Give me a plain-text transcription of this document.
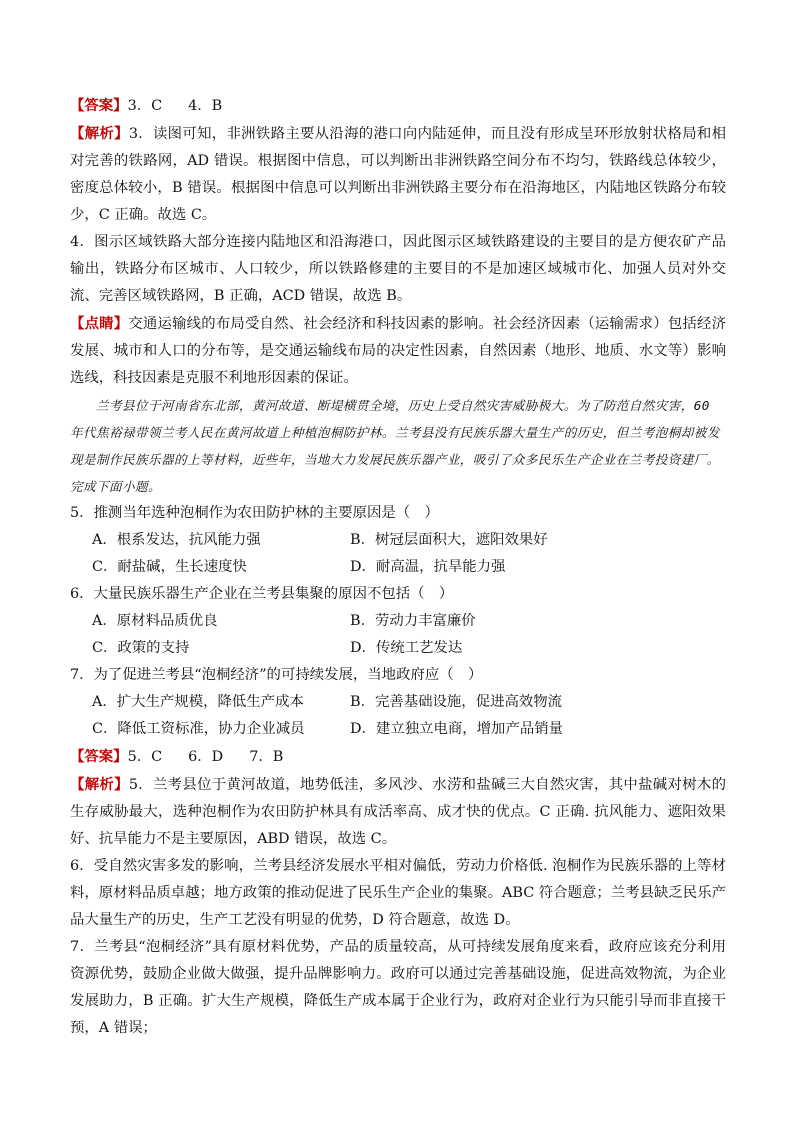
【答案】3．C 4．B

【解析】3．读图可知，非洲铁路主要从沿海的港口向内陆延伸，而且没有形成呈环形放射状格局和相对完善的铁路网，AD 错误。根据图中信息，可以判断出非洲铁路空间分布不均匀，铁路线总体较少，密度总体较小，B 错误。根据图中信息可以判断出非洲铁路主要分布在沿海地区，内陆地区铁路分布较少，C 正确。故选 C。

4．图示区域铁路大部分连接内陆地区和沿海港口，因此图示区域铁路建设的主要目的是方便农矿产品输出，铁路分布区城市、人口较少，所以铁路修建的主要目的不是加速区域城市化、加强人员对外交流、完善区域铁路网，B 正确，ACD 错误，故选 B。

【点睛】交通运输线的布局受自然、社会经济和科技因素的影响。社会经济因素（运输需求）包括经济发展、城市和人口的分布等，是交通运输线布局的决定性因素，自然因素（地形、地质、水文等）影响选线，科技因素是克服不利地形因素的保证。

兰考县位于河南省东北部，黄河故道、断堤横贯全境，历史上受自然灾害威胁极大。为了防范自然灾害，60 年代焦裕禄带领兰考人民在黄河故道上种植泡桐防护林。兰考县没有民族乐器大量生产的历史，但兰考泡桐却被发现是制作民族乐器的上等材料，近些年，当地大力发展民族乐器产业，吸引了众多民乐生产企业在兰考投资建厂。完成下面小题。

5．推测当年选种泡桐作为农田防护林的主要原因是（　）

A．根系发达，抗风能力强	B．树冠层面积大，遮阳效果好
C．耐盐碱，生长速度快	D．耐高温，抗旱能力强

6．大量民族乐器生产企业在兰考县集聚的原因不包括（　）

A．原材料品质优良	B．劳动力丰富廉价
C．政策的支持	D．传统工艺发达

7．为了促进兰考县“泡桐经济”的可持续发展，当地政府应（　）

A．扩大生产规模，降低生产成本	B．完善基础设施，促进高效物流
C．降低工资标准，协力企业减员	D．建立独立电商，增加产品销量

【答案】5．C 6．D 7．B

【解析】5．兰考县位于黄河故道，地势低洼，多风沙、水涝和盐碱三大自然灾害，其中盐碱对树木的生存威胁最大，选种泡桐作为农田防护林具有成活率高、成才快的优点。C 正确. 抗风能力、遮阳效果好、抗旱能力不是主要原因，ABD 错误，故选 C。

6．受自然灾害多发的影响，兰考县经济发展水平相对偏低，劳动力价格低. 泡桐作为民族乐器的上等材料，原材料品质卓越；地方政策的推动促进了民乐生产企业的集聚。ABC 符合题意；兰考县缺乏民乐产品大量生产的历史，生产工艺没有明显的优势，D 符合题意，故选 D。

7．兰考县“泡桐经济”具有原材料优势，产品的质量较高，从可持续发展角度来看，政府应该充分利用资源优势，鼓励企业做大做强，提升品牌影响力。政府可以通过完善基础设施，促进高效物流，为企业发展助力，B 正确。扩大生产规模，降低生产成本属于企业行为，政府对企业行为只能引导而非直接干预，A 错误；
